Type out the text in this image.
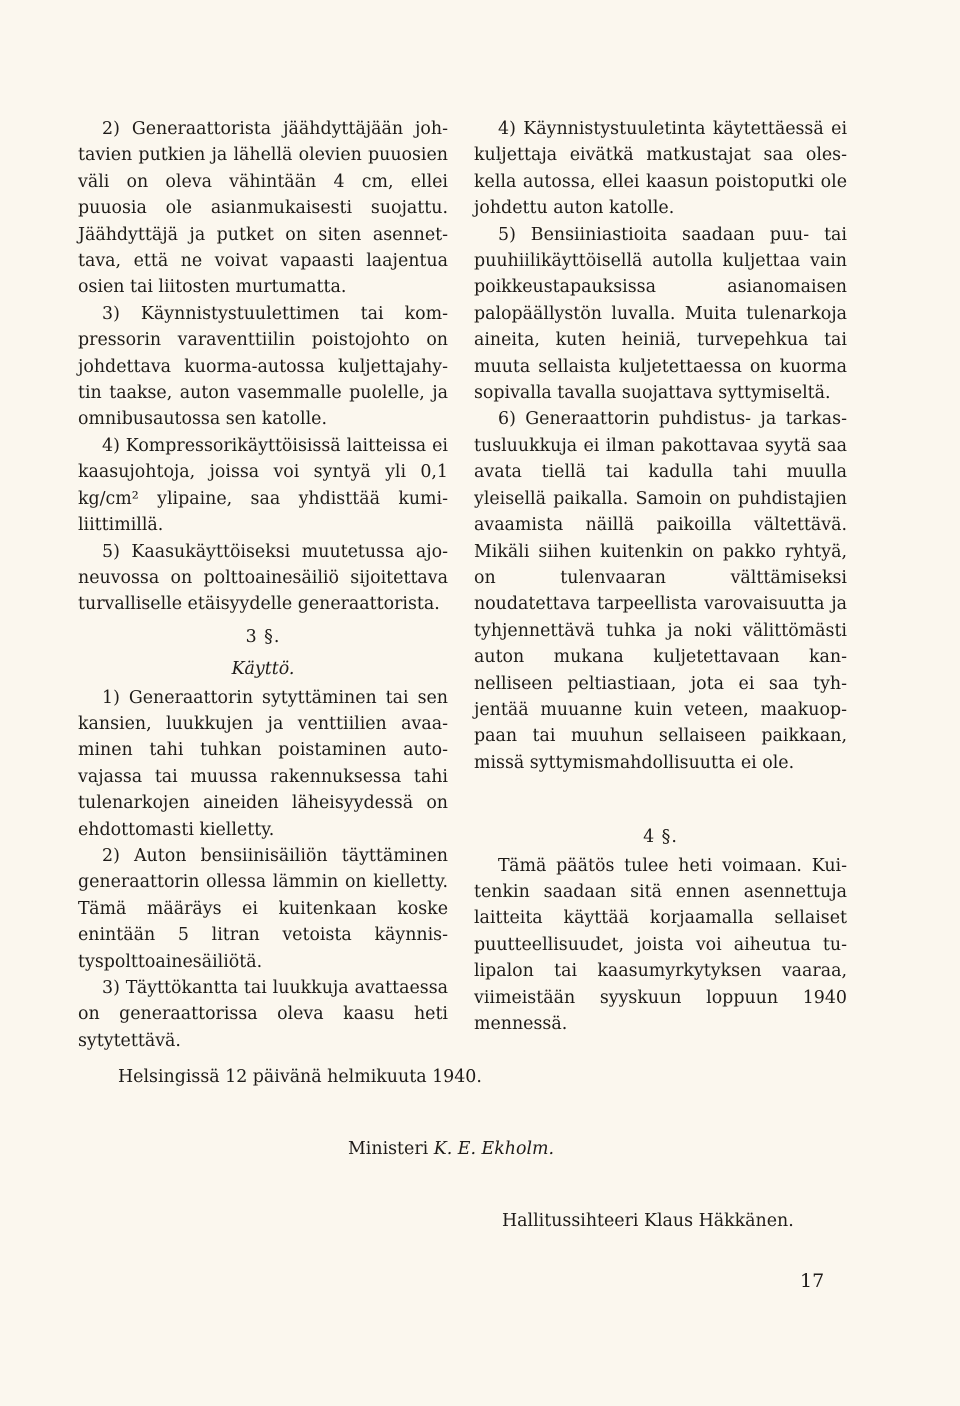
2) Generaattorista jäähdyttäjään johtavien putkien ja lähellä olevien puuosien väli on oleva vähintään 4 cm, ellei puuosia ole asianmukaisesti suojattu. Jäähdyttäjä ja putket on siten asennettava, että ne voivat vapaasti laajentua osien tai liitosten murtumatta.

3) Käynnistystuulettimen tai kompressorin varaventtiilin poistojohto on johdettava kuorma-autossa kuljettajahytin taakse, auton vasemmalle puolelle, ja omnibusautossa sen katolle.

4) Kompressorikäyttöisissä laitteissa ei kaasujohtoja, joissa voi syntyä yli 0,1 kg/cm² ylipaine, saa yhdisttää kumiliittimillä.

5) Kaasukäyttöiseksi muutetussa ajoneuvossa on polttoainesäiliö sijoitettava turvalliselle etäisyydelle generaattorista.

3 §.
Käyttö.

1) Generaattorin sytyttäminen tai sen kansien, luukkujen ja venttiilien avaaminen tahi tuhkan poistaminen autovajassa tai muussa rakennuksessa tahi tulenarkojen aineiden läheisyydessä on ehdottomasti kielletty.

2) Auton bensiinisäiliön täyttäminen generaattorin ollessa lämmin on kielletty. Tämä määräys ei kuitenkaan koske enintään 5 litran vetoista käynnistyspolttoainesäiliötä.

3) Täyttökantta tai luukkuja avattaessa on generaattorissa oleva kaasu heti sytytettävä.

4) Käynnistystuuletinta käytettäessä ei kuljettaja eivätkä matkustajat saa oleskella autossa, ellei kaasun poistoputki ole johdettu auton katolle.

5) Bensiiniastioita saadaan puu- tai puuhiilikäyttöisellä autolla kuljettaa vain poikkeustapauksissa asianomaisen palopäällystön luvalla. Muita tulenarkoja aineita, kuten heiniä, turvepehkua tai muuta sellaista kuljetettaessa on kuorma sopivalla tavalla suojattava syttymiseltä.

6) Generaattorin puhdistus- ja tarkastusluukkuja ei ilman pakottavaa syytä saa avata tiellä tai kadulla tahi muulla yleisellä paikalla. Samoin on puhdistajien avaamista näillä paikoilla vältettävä. Mikäli siihen kuitenkin on pakko ryhtyä, on tulenvaaran välttämiseksi noudatettava tarpeellista varovaisuutta ja tyhjennettävä tuhka ja noki välittömästi auton mukana kuljetettavaan kannelliseen peltiastiaan, jota ei saa tyhjentää muuanne kuin veteen, maakuoppaan tai muuhun sellaiseen paikkaan, missä syttymismahdollisuutta ei ole.

4 §.

Tämä päätös tulee heti voimaan. Kuitenkin saadaan sitä ennen asennettuja laitteita käyttää korjaamalla sellaiset puutteellisuudet, joista voi aiheutua tulipalon tai kaasumyrkytyksen vaaraa, viimeistään syyskuun loppuun 1940 mennessä.

Helsingissä 12 päivänä helmikuuta 1940.
Ministeri K. E. Ekholm.
Hallitussihteeri Klaus Häkkänen.
17
